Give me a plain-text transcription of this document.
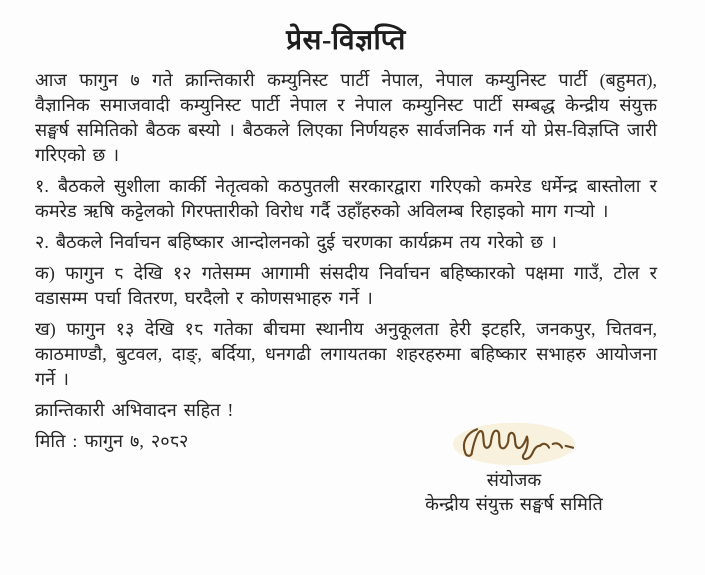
प्रेस-विज्ञप्ति

आज फागुन ७ गते क्रान्तिकारी कम्युनिस्ट पार्टी नेपाल, नेपाल कम्युनिस्ट पार्टी (बहुमत), वैज्ञानिक समाजवादी कम्युनिस्ट पार्टी नेपाल र नेपाल कम्युनिस्ट पार्टी सम्बद्ध केन्द्रीय संयुक्त सङ्घर्ष समितिको बैठक बस्यो । बैठकले लिएका निर्णयहरु सार्वजनिक गर्न यो प्रेस-विज्ञप्ति जारी गरिएको छ ।

१. बैठकले सुशीला कार्की नेतृत्वको कठपुतली सरकारद्वारा गरिएको कमरेड धर्मेन्द्र बास्तोला र कमरेड ऋषि कट्टेलको गिरफ्तारीको विरोध गर्दै उहाँहरुको अविलम्ब रिहाइको माग गऱ्यो ।

२. बैठकले निर्वाचन बहिष्कार आन्दोलनको दुई चरणका कार्यक्रम तय गरेको छ ।

क) फागुन ८ देखि १२ गतेसम्म आगामी संसदीय निर्वाचन बहिष्कारको पक्षमा गाउँ, टोल र वडासम्म पर्चा वितरण, घरदैलो र कोणसभाहरु गर्ने ।

ख) फागुन १३ देखि १८ गतेका बीचमा स्थानीय अनुकूलता हेरी इटहरि, जनकपुर, चितवन, काठमाण्डौ, बुटवल, दाङ्, बर्दिया, धनगढी लगायतका शहरहरुमा बहिष्कार सभाहरु आयोजना गर्ने ।

क्रान्तिकारी अभिवादन सहित !

मिति : फागुन ७, २०८२

संयोजक

केन्द्रीय संयुक्त सङ्घर्ष समिति
